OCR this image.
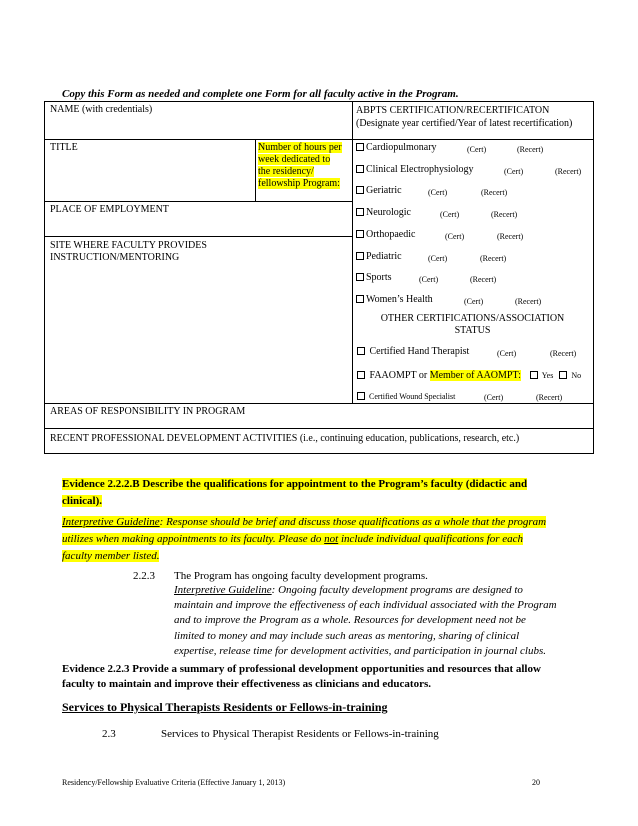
Copy this Form as needed and complete one Form for all faculty active in the Program.
NAME (with credentials)
TITLE	Number of hours per
week dedicated to
the residency/
fellowship Program:
PLACE OF EMPLOYMENT
SITE WHERE FACULTY PROVIDES
INSTRUCTION/MENTORING
AREAS OF RESPONSIBILITY IN PROGRAM
RECENT PROFESSIONAL DEVELOPMENT ACTIVITIES (i.e., continuing education, publications, research, etc.)
ABPTS CERTIFICATION/RECERTIFICATON
(Designate year certified/Year of latest recertification)
Cardiopulmonary	(Cert)	(Recert)
Clinical Electrophysiology	(Cert)	(Recert)
Geriatric	(Cert)	(Recert)
Neurologic	(Cert)	(Recert)
Orthopaedic	(Cert)	(Recert)
Pediatric	(Cert)	(Recert)
Sports	(Cert)	(Recert)
Women’s Health	(Cert)	(Recert)
OTHER CERTIFICATIONS/ASSOCIATION
STATUS
Certified Hand Therapist	(Cert)	(Recert)
FAAOMPT or Member of AAOMPT:	Yes No
Certified Wound Specialist	(Cert)	(Recert)
Evidence 2.2.2.B Describe the qualifications for appointment to the Program’s faculty (didactic and
clinical).
Interpretive Guideline: Response should be brief and discuss those qualifications as a whole that the program
utilizes when making appointments to its faculty. Please do not include individual qualifications for each
faculty member listed.
2.2.3 The Program has ongoing faculty development programs.
Interpretive Guideline: Ongoing faculty development programs are designed to
maintain and improve the effectiveness of each individual associated with the Program
and to improve the Program as a whole. Resources for development need not be
limited to money and may include such areas as mentoring, sharing of clinical
expertise, release time for development activities, and participation in journal clubs.
Evidence 2.2.3 Provide a summary of professional development opportunities and resources that allow
faculty to maintain and improve their effectiveness as clinicians and educators.
Services to Physical Therapists Residents or Fellows-in-training
2.3	Services to Physical Therapist Residents or Fellows-in-training
Residency/Fellowship Evaluative Criteria (Effective January 1, 2013)	20
